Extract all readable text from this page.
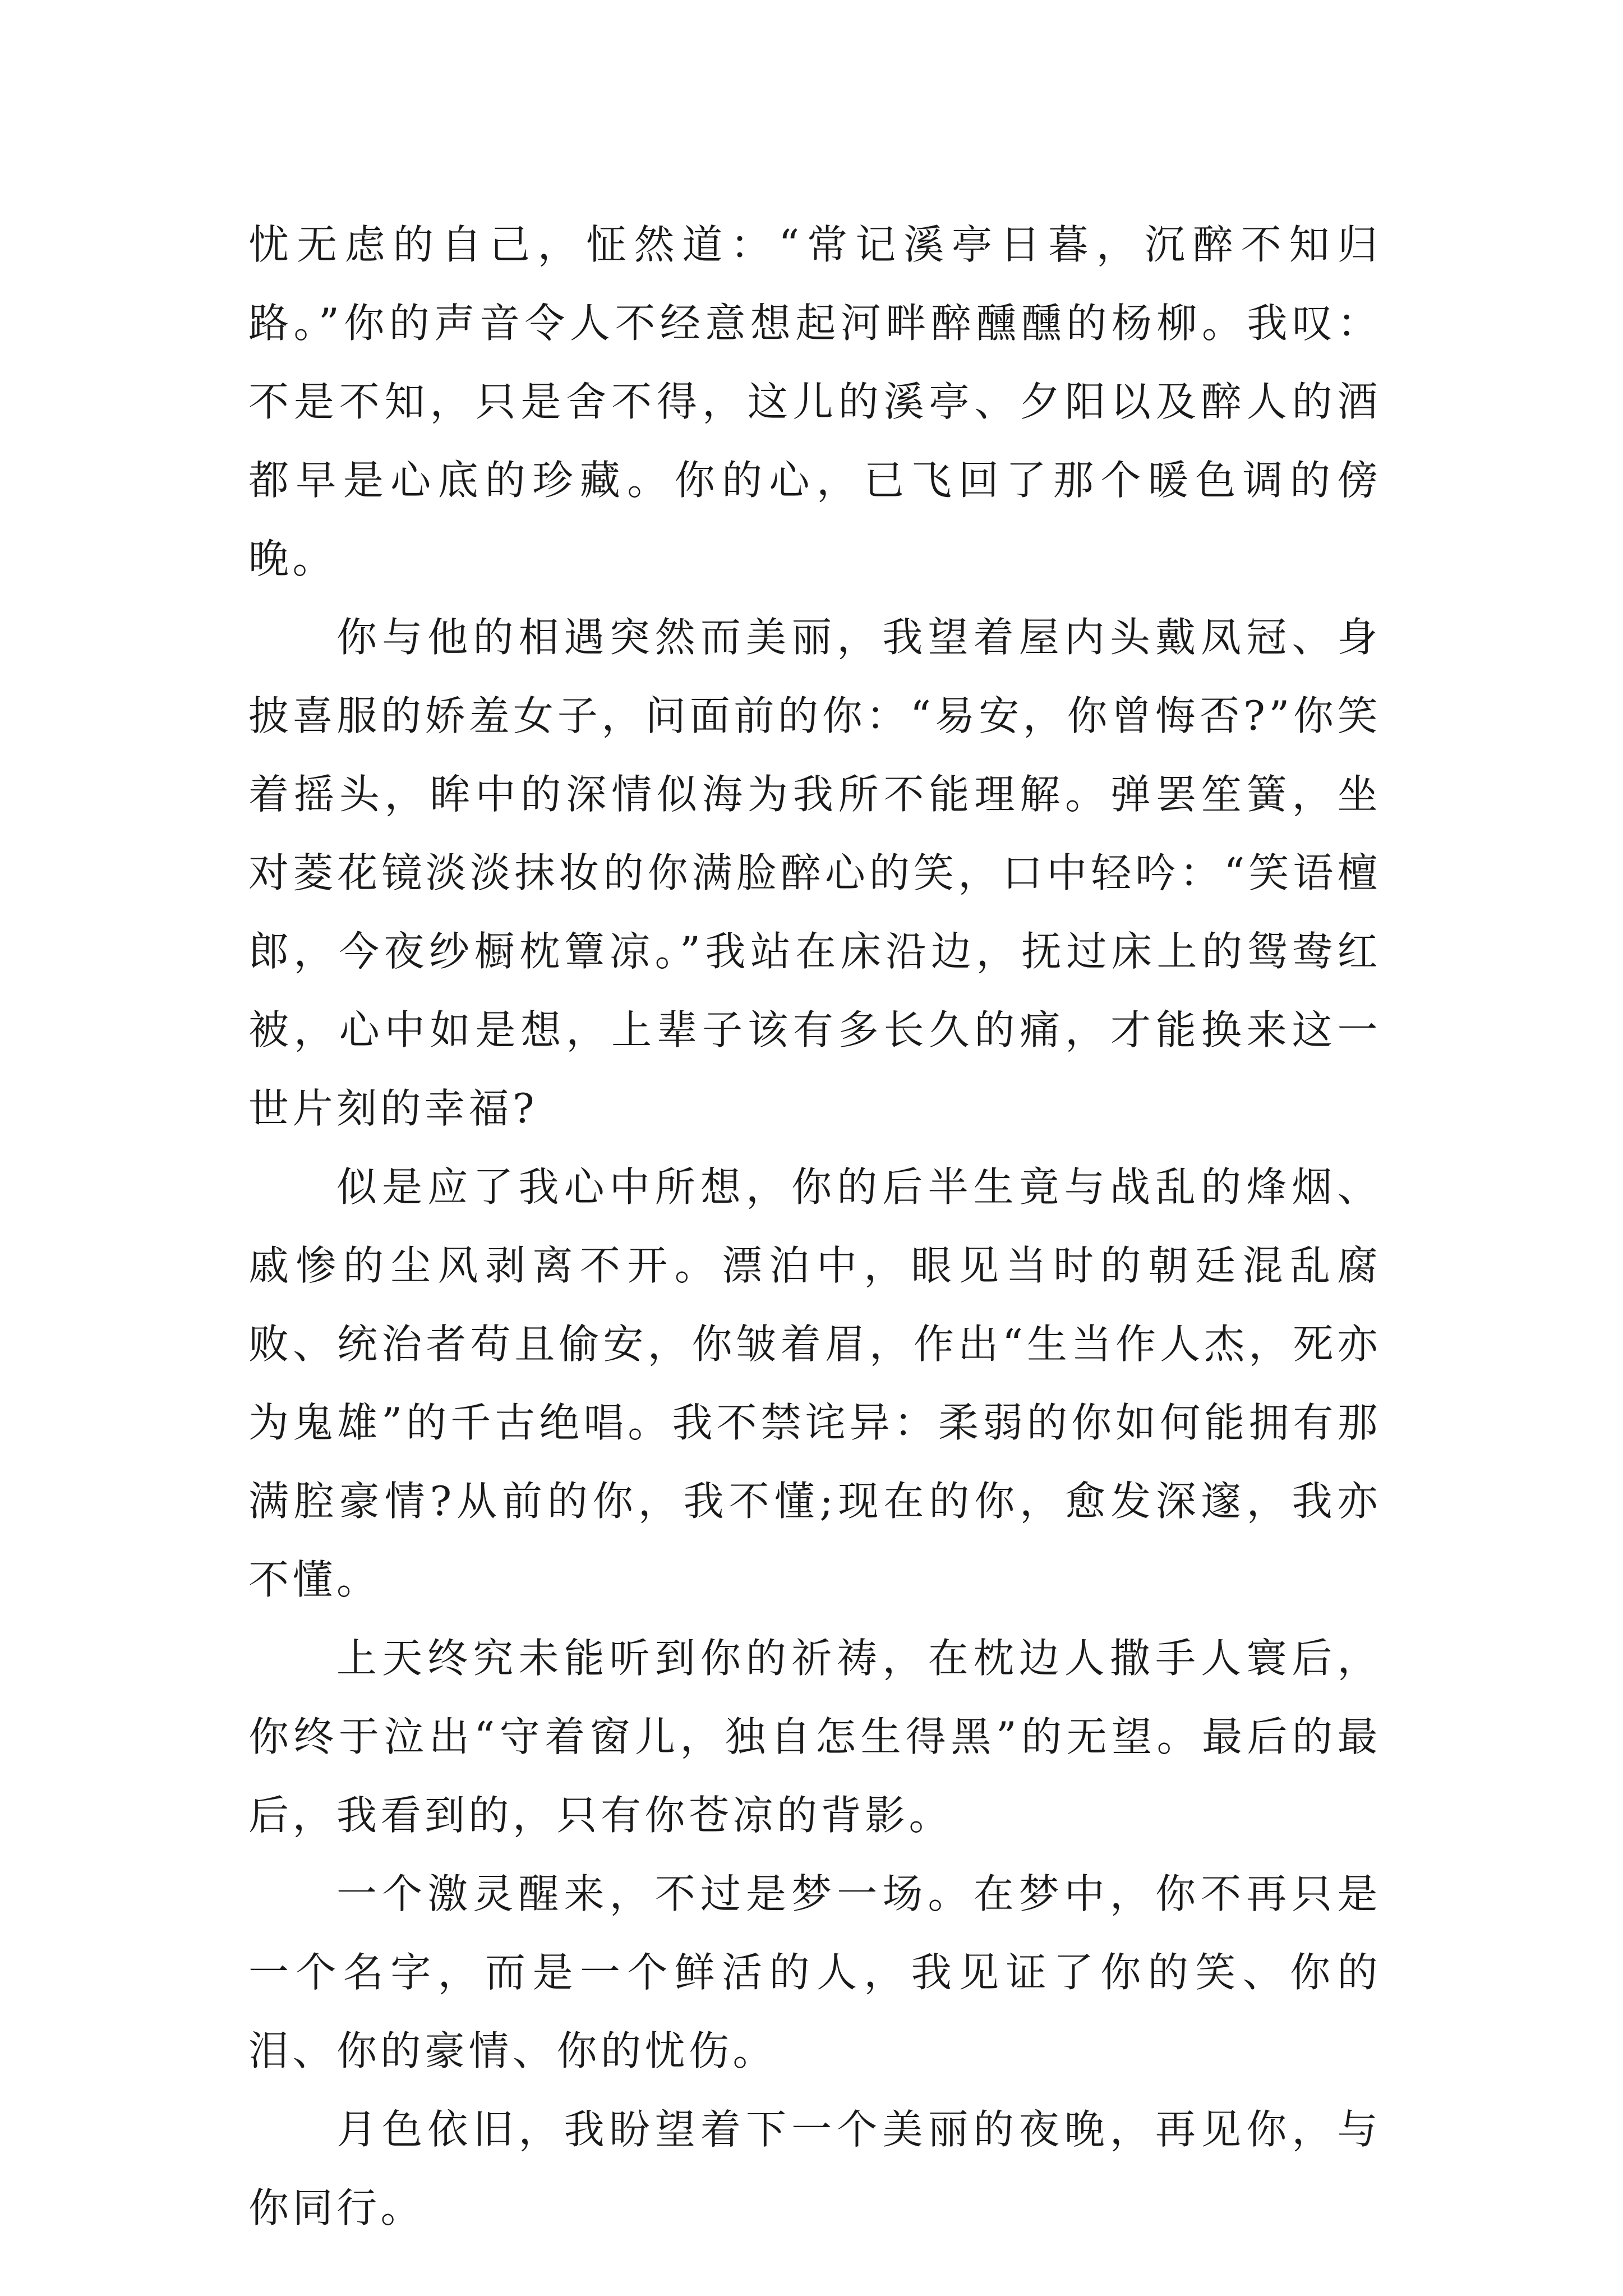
忧无虑的自己，怔然道：“常记溪亭日暮，沉醉不知归路。”你的声音令人不经意想起河畔醉醺醺的杨柳。我叹：不是不知，只是舍不得，这儿的溪亭、夕阳以及醉人的酒都早是心底的珍藏。你的心，已飞回了那个暖色调的傍晚。

你与他的相遇突然而美丽，我望着屋内头戴凤冠、身披喜服的娇羞女子，问面前的你：“易安，你曾悔否?”你笑着摇头，眸中的深情似海为我所不能理解。弹罢笙簧，坐对菱花镜淡淡抹妆的你满脸醉心的笑，口中轻吟：“笑语檀郎，今夜纱橱枕簟凉。”我站在床沿边，抚过床上的鸳鸯红被，心中如是想，上辈子该有多长久的痛，才能换来这一世片刻的幸福?

似是应了我心中所想，你的后半生竟与战乱的烽烟、戚惨的尘风剥离不开。漂泊中，眼见当时的朝廷混乱腐败、统治者苟且偷安，你皱着眉，作出“生当作人杰，死亦为鬼雄”的千古绝唱。我不禁诧异：柔弱的你如何能拥有那满腔豪情?从前的你，我不懂;现在的你，愈发深邃，我亦不懂。

上天终究未能听到你的祈祷，在枕边人撒手人寰后，你终于泣出“守着窗儿，独自怎生得黑”的无望。最后的最后，我看到的，只有你苍凉的背影。

一个激灵醒来，不过是梦一场。在梦中，你不再只是一个名字，而是一个鲜活的人，我见证了你的笑、你的泪、你的豪情、你的忧伤。

月色依旧，我盼望着下一个美丽的夜晚，再见你，与你同行。
